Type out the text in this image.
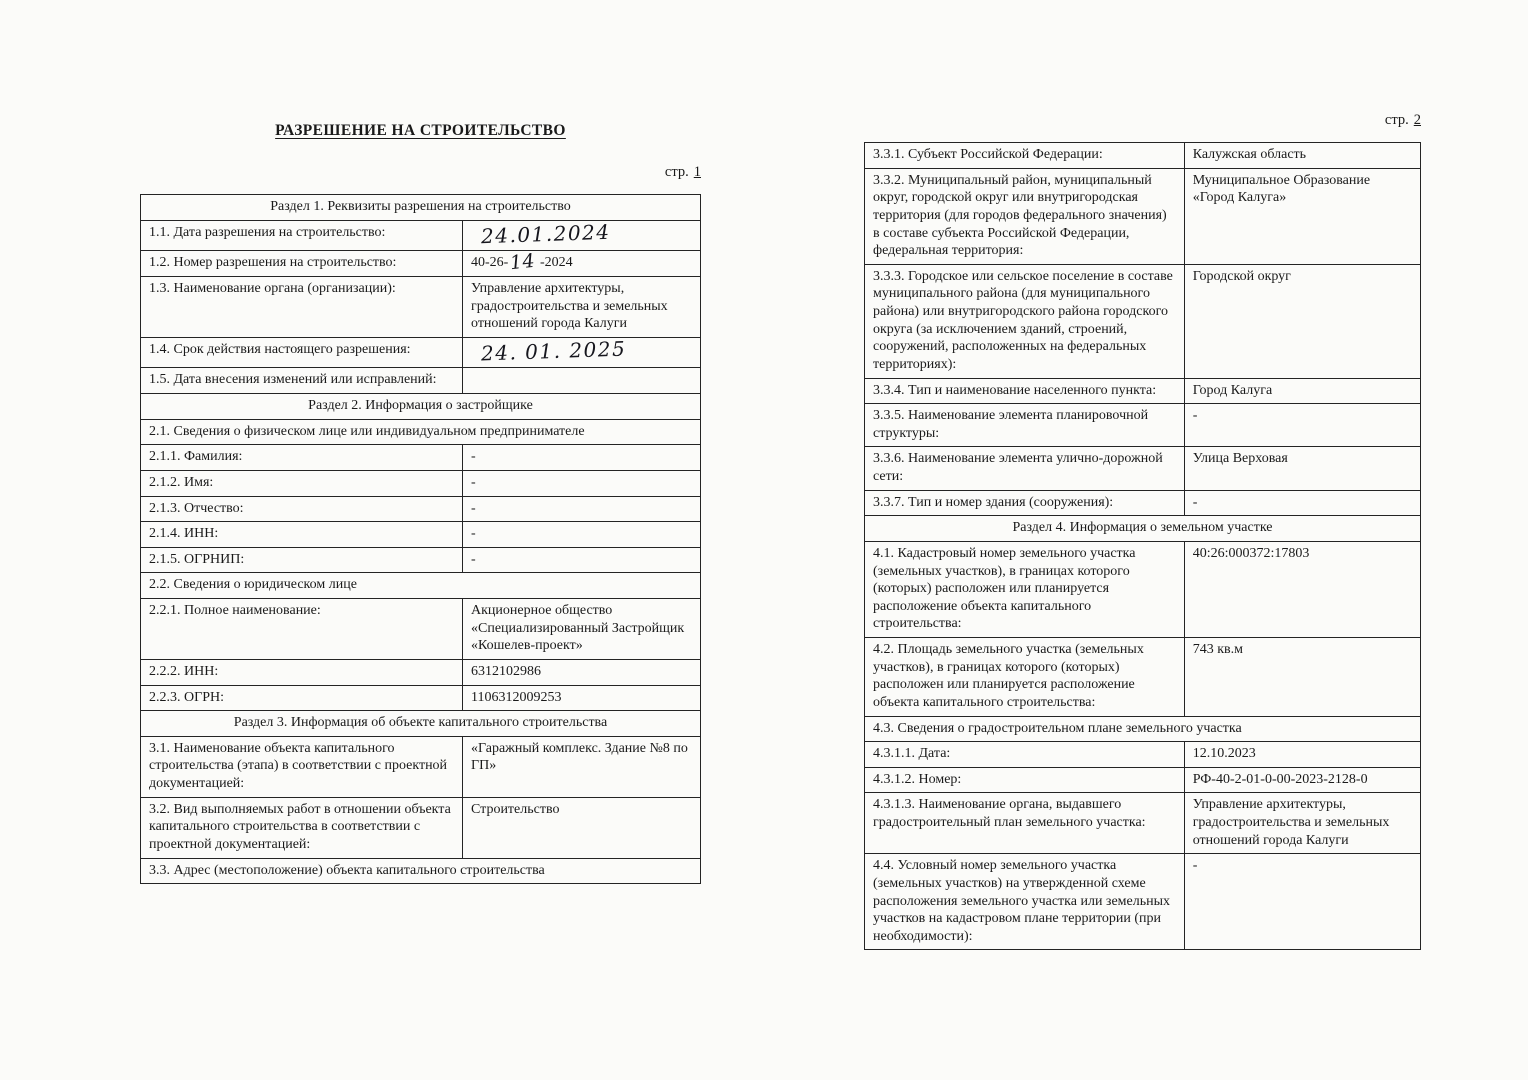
РАЗРЕШЕНИЕ НА СТРОИТЕЛЬСТВО
стр. 1
Раздел 1. Реквизиты разрешения на строительство	
1.1. Дата разрешения на строительство:	24.01.2024
1.2. Номер разрешения на строительство:	40-26-14 -2024
1.3. Наименование органа (организации):	Управление архитектуры, градостроительства и земельных отношений города Калуги
1.4. Срок действия настоящего разрешения:	24. 01. 2025
1.5. Дата внесения изменений или исправлений:	
Раздел 2. Информация о застройщике	
2.1. Сведения о физическом лице или индивидуальном предпринимателе	
2.1.1. Фамилия:	-
2.1.2. Имя:	-
2.1.3. Отчество:	-
2.1.4. ИНН:	-
2.1.5. ОГРНИП:	-
2.2. Сведения о юридическом лице	
2.2.1. Полное наименование:	Акционерное общество «Специализированный Застройщик «Кошелев-проект»
2.2.2. ИНН:	6312102986
2.2.3. ОГРН:	1106312009253
Раздел 3. Информация об объекте капитального строительства	
3.1. Наименование объекта капитального строительства (этапа) в соответствии с проектной документацией:	«Гаражный комплекс. Здание №8 по ГП»
3.2. Вид выполняемых работ в отношении объекта капитального строительства в соответствии с проектной документацией:	Строительство
3.3. Адрес (местоположение) объекта капитального строительства	
стр. 2
3.3.1. Субъект Российской Федерации:	Калужская область
3.3.2. Муниципальный район, муниципальный округ, городской округ или внутригородская территория (для городов федерального значения) в составе субъекта Российской Федерации, федеральная территория:	Муниципальное Образование «Город Калуга»
3.3.3. Городское или сельское поселение в составе муниципального района (для муниципального района) или внутригородского района городского округа (за исключением зданий, строений, сооружений, расположенных на федеральных территориях):	Городской округ
3.3.4. Тип и наименование населенного пункта:	Город Калуга
3.3.5. Наименование элемента планировочной структуры:	-
3.3.6. Наименование элемента улично-дорожной сети:	Улица Верховая
3.3.7. Тип и номер здания (сооружения):	-
Раздел 4. Информация о земельном участке	
4.1. Кадастровый номер земельного участка (земельных участков), в границах которого (которых) расположен или планируется расположение объекта капитального строительства:	40:26:000372:17803
4.2. Площадь земельного участка (земельных участков), в границах которого (которых) расположен или планируется расположение объекта капитального строительства:	743 кв.м
4.3. Сведения о градостроительном плане земельного участка	
4.3.1.1. Дата:	12.10.2023
4.3.1.2. Номер:	РФ-40-2-01-0-00-2023-2128-0
4.3.1.3. Наименование органа, выдавшего градостроительный план земельного участка:	Управление архитектуры, градостроительства и земельных отношений города Калуги
4.4. Условный номер земельного участка (земельных участков) на утвержденной схеме расположения земельного участка или земельных участков на кадастровом плане территории (при необходимости):	-
